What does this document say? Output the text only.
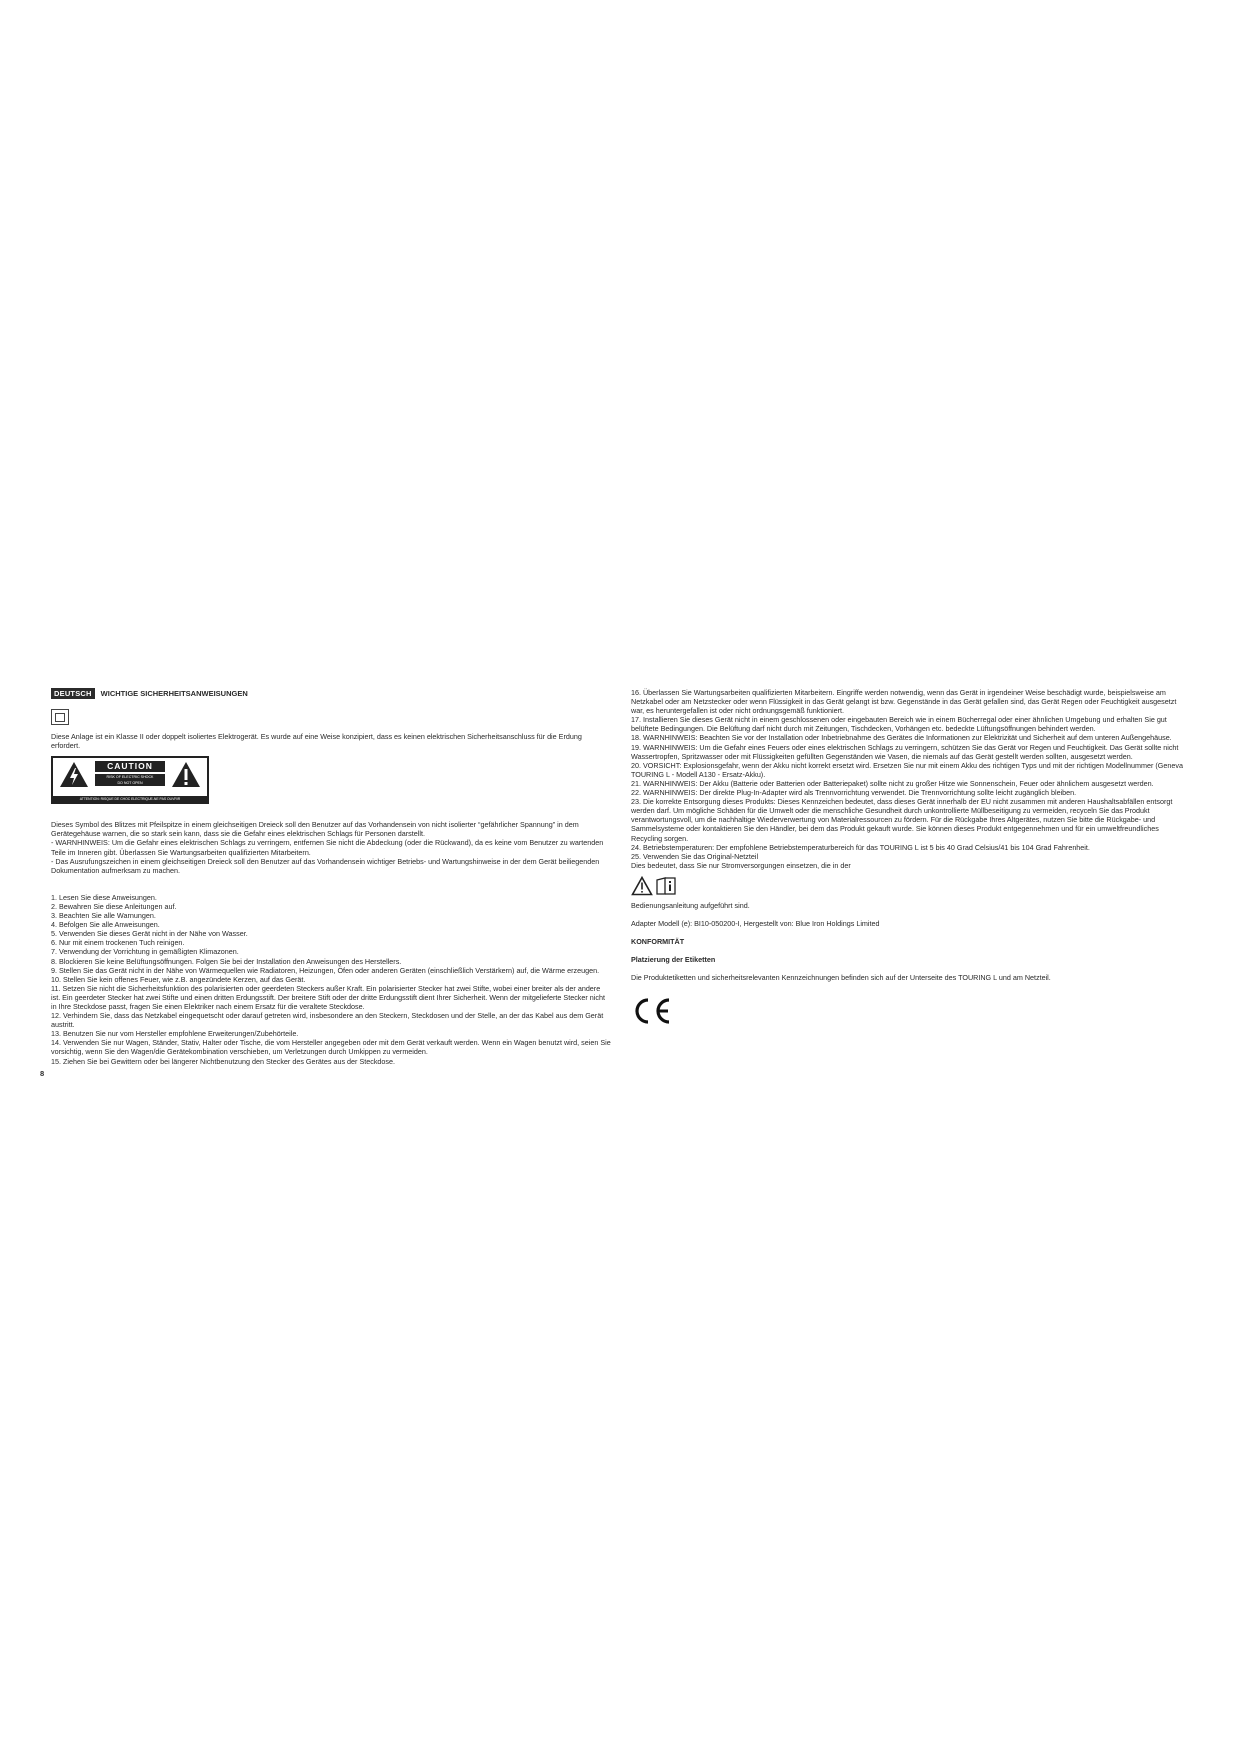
DEUTSCH	WICHTIGE SICHERHEITSANWEISUNGEN

Diese Anlage ist ein Klasse II oder doppelt isoliertes Elektrogerät. Es wurde auf eine Weise konzipiert, dass es keinen elektrischen Sicherheitsanschluss für die Erdung erfordert.

CAUTION
RISK OF ELECTRIC SHOCK
DO NOT OPEN
ATTENTION: RISQUE DE CHOC ELECTRIQUE-NE PAS OUVRIR

Dieses Symbol des Blitzes mit Pfeilspitze in einem gleichseitigen Dreieck soll den Benutzer auf das Vorhandensein von nicht isolierter “gefährlicher Spannung” in dem Gerätegehäuse warnen, die so stark sein kann, dass sie die Gefahr eines elektrischen Schlags für Personen darstellt.

- WARNHINWEIS: Um die Gefahr eines elektrischen Schlags zu verringern, entfernen Sie nicht die Abdeckung (oder die Rückwand), da es keine vom Benutzer zu wartenden Teile im Inneren gibt. Überlassen Sie Wartungsarbeiten qualifizierten Mitarbeitern.

- Das Ausrufungszeichen in einem gleichseitigen Dreieck soll den Benutzer auf das Vorhandensein wichtiger Betriebs- und Wartungshinweise in der dem Gerät beiliegenden Dokumentation aufmerksam zu machen.

1. Lesen Sie diese Anweisungen.

2. Bewahren Sie diese Anleitungen auf.

3. Beachten Sie alle Warnungen.

4. Befolgen Sie alle Anweisungen.

5. Verwenden Sie dieses Gerät nicht in der Nähe von Wasser.

6. Nur mit einem trockenen Tuch reinigen.

7. Verwendung der Vorrichtung in gemäßigten Klimazonen.

8. Blockieren Sie keine Belüftungsöffnungen. Folgen Sie bei der Installation den Anweisungen des Herstellers.

9. Stellen Sie das Gerät nicht in der Nähe von Wärmequellen wie Radiatoren, Heizungen, Öfen oder anderen Geräten (einschließlich Verstärkern) auf, die Wärme erzeugen.

10. Stellen Sie kein offenes Feuer, wie z.B. angezündete Kerzen, auf das Gerät.

11. Setzen Sie nicht die Sicherheitsfunktion des polarisierten oder geerdeten Steckers außer Kraft. Ein polarisierter Stecker hat zwei Stifte, wobei einer breiter als der andere ist. Ein geerdeter Stecker hat zwei Stifte und einen dritten Erdungsstift. Der breitere Stift oder der dritte Erdungsstift dient Ihrer Sicherheit. Wenn der mitgelieferte Stecker nicht in Ihre Steckdose passt, fragen Sie einen Elektriker nach einem Ersatz für die veraltete Steckdose.

12. Verhindern Sie, dass das Netzkabel eingequetscht oder darauf getreten wird, insbesondere an den Steckern, Steckdosen und der Stelle, an der das Kabel aus dem Gerät austritt.

13. Benutzen Sie nur vom Hersteller empfohlene Erweiterungen/Zubehörteile.

14. Verwenden Sie nur Wagen, Ständer, Stativ, Halter oder Tische, die vom Hersteller angegeben oder mit dem Gerät verkauft werden. Wenn ein Wagen benutzt wird, seien Sie vorsichtig, wenn Sie den Wagen/die Gerätekombination verschieben, um Verletzungen durch Umkippen zu vermeiden.

15. Ziehen Sie bei Gewittern oder bei längerer Nichtbenutzung den Stecker des Gerätes aus der Steckdose.

8

16. Überlassen Sie Wartungsarbeiten qualifizierten Mitarbeitern. Eingriffe werden notwendig, wenn das Gerät in irgendeiner Weise beschädigt wurde, beispielsweise am Netzkabel oder am Netzstecker oder wenn Flüssigkeit in das Gerät gelangt ist bzw. Gegenstände in das Gerät gefallen sind, das Gerät Regen oder Feuchtigkeit ausgesetzt war, es heruntergefallen ist oder nicht ordnungsgemäß funktioniert.

17. Installieren Sie dieses Gerät nicht in einem geschlossenen oder eingebauten Bereich wie in einem Bücherregal oder einer ähnlichen Umgebung und erhalten Sie gut belüftete Bedingungen. Die Belüftung darf nicht durch mit Zeitungen, Tischdecken, Vorhängen etc. bedeckte Lüftungsöffnungen behindert werden.

18. WARNHINWEIS: Beachten Sie vor der Installation oder Inbetriebnahme des Gerätes die Informationen zur Elektrizität und Sicherheit auf dem unteren Außengehäuse.

19. WARNHINWEIS: Um die Gefahr eines Feuers oder eines elektrischen Schlags zu verringern, schützen Sie das Gerät vor Regen und Feuchtigkeit. Das Gerät sollte nicht Wassertropfen, Spritzwasser oder mit Flüssigkeiten gefüllten Gegenständen wie Vasen, die niemals auf das Gerät gestellt werden sollten, ausgesetzt werden.

20. VORSICHT: Explosionsgefahr, wenn der Akku nicht korrekt ersetzt wird. Ersetzen Sie nur mit einem Akku des richtigen Typs und mit der richtigen Modellnummer (Geneva TOURING L - Modell A130 - Ersatz-Akku).

21. WARNHINWEIS: Der Akku (Batterie oder Batterien oder Batteriepaket) sollte nicht zu großer Hitze wie Sonnenschein, Feuer oder ähnlichem ausgesetzt werden.

22. WARNHINWEIS: Der direkte Plug-In-Adapter wird als Trennvorrichtung verwendet. Die Trennvorrichtung sollte leicht zugänglich bleiben.

23. Die korrekte Entsorgung dieses Produkts: Dieses Kennzeichen bedeutet, dass dieses Gerät innerhalb der EU nicht zusammen mit anderen Haushaltsabfällen entsorgt werden darf. Um mögliche Schäden für die Umwelt oder die menschliche Gesundheit durch unkontrollierte Müllbeseitigung zu vermeiden, recyceln Sie das Produkt verantwortungsvoll, um die nachhaltige Wiederverwertung von Materialressourcen zu fördern. Für die Rückgabe Ihres Altgerätes, nutzen Sie bitte die Rückgabe- und Sammelsysteme oder kontaktieren Sie den Händler, bei dem das Produkt gekauft wurde. Sie können dieses Produkt entgegennehmen und für ein umweltfreundliches Recycling sorgen.

24. Betriebstemperaturen: Der empfohlene Betriebstemperaturbereich für das TOURING L ist 5 bis 40 Grad Celsius/41 bis 104 Grad Fahrenheit.

25. Verwenden Sie das Original-Netzteil

Dies bedeutet, dass Sie nur Stromversorgungen einsetzen, die in der

Bedienungsanleitung aufgeführt sind.

Adapter Modell (e): BI10-050200-I, Hergestellt von: Blue Iron Holdings Limited

KONFORMITÄT

Platzierung der Etiketten

Die Produktetiketten und sicherheitsrelevanten Kennzeichnungen befinden sich auf der Unterseite des TOURING L und am Netzteil.
